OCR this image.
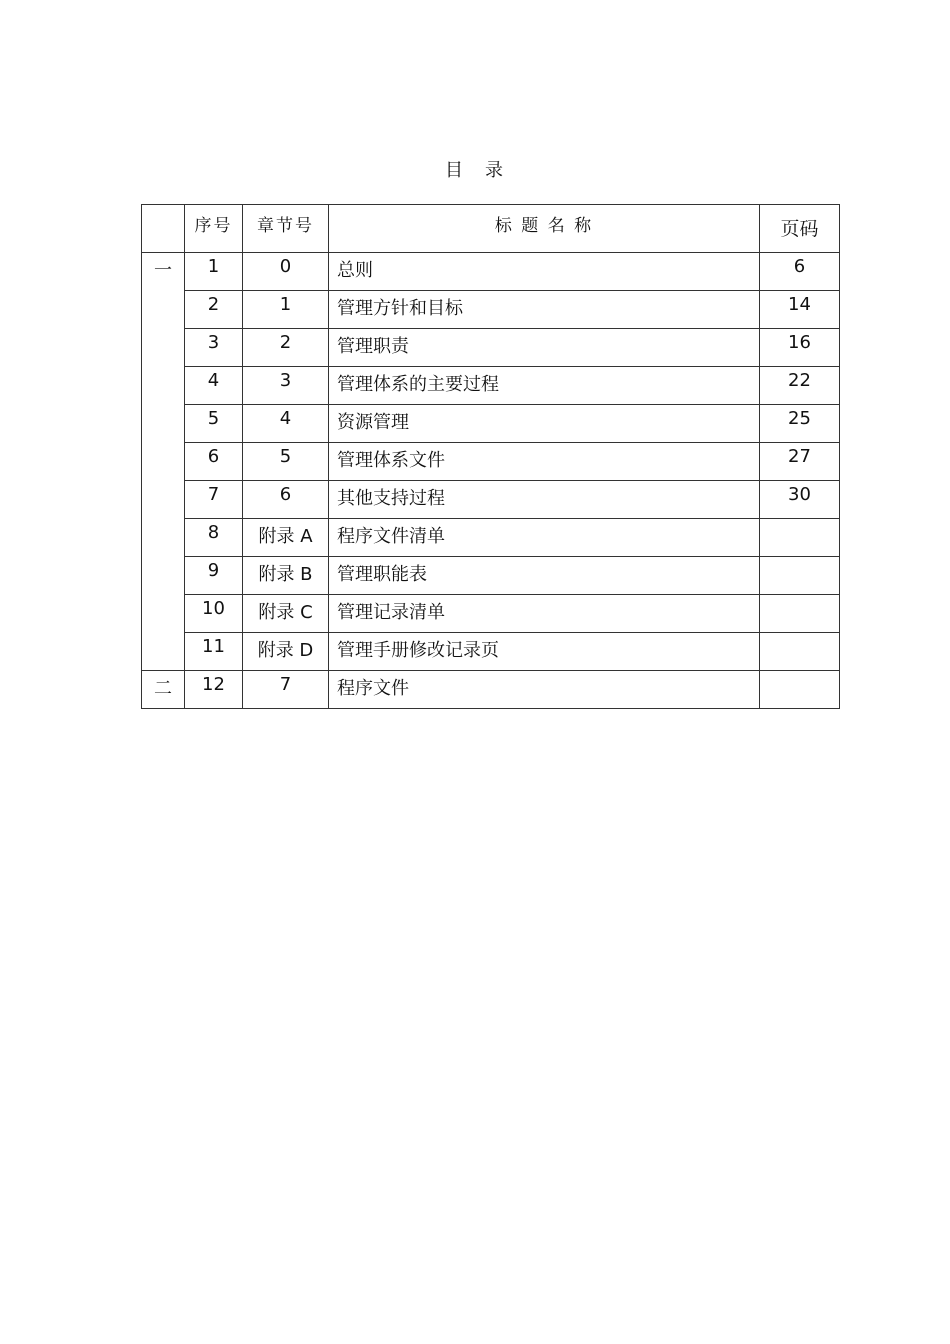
目　录
	序号	章节号	标 题 名 称	页码
一	1	0	总则	6
	2	1	管理方针和目标	14
	3	2	管理职责	16
	4	3	管理体系的主要过程	22
	5	4	资源管理	25
	6	5	管理体系文件	27
	7	6	其他支持过程	30
	8	附录 A	程序文件清单	
	9	附录 B	管理职能表	
	10	附录 C	管理记录清单	
	11	附录 D	管理手册修改记录页	
二	12	7	程序文件	
